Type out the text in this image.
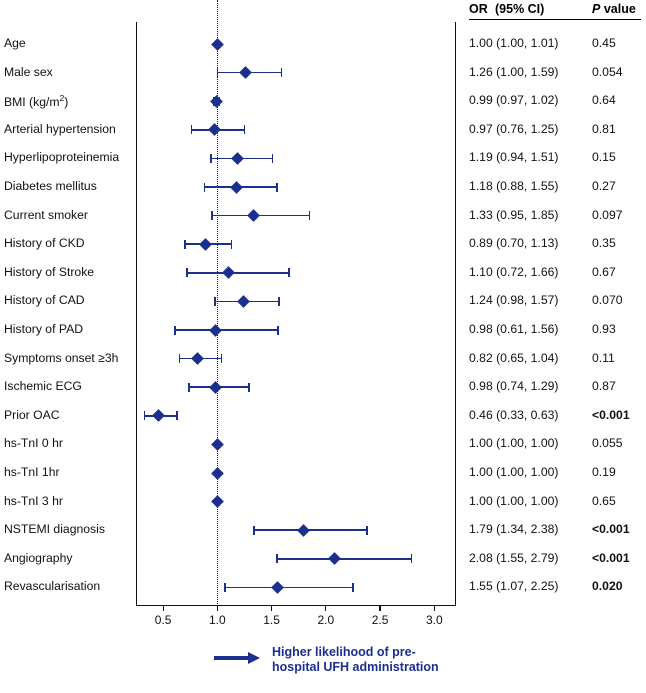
OR (95% CI)	P value
Age	1.00 (1.00, 1.01)	0.45
Male sex	1.26 (1.00, 1.59)	0.054
BMI $(kg/m^2)$	0.99 (0.97, 1.02)	0.64
Arterial hypertension	0.97 (0.76, 1.25)	0.81
Hyperlipoproteinemia	1.19 (0.94, 1.51)	0.15
Diabetes mellitus	1.18 (0.88, 1.55)	0.27
Current smoker	1.33 (0.95, 1.85)	0.097
History of CKD	0.89 (0.70, 1.13)	0.35
History of Stroke	1.10 (0.72, 1.66)	0.67
History of CAD	1.24 (0.98, 1.57)	0.070
History of PAD	0.98 (0.61, 1.56)	0.93
Symptoms onset ≥3h	0.82 (0.65, 1.04)	0.11
Ischemic ECG	0.98 (0.74, 1.29)	0.87
Prior OAC	0.46 (0.33, 0.63)	<0.001
hs-TnI 0 hr	1.00 (1.00, 1.00)	0.055
hs-TnI 1hr	1.00 (1.00, 1.00)	0.19
hs-TnI 3 hr	1.00 (1.00, 1.00)	0.65
NSTEMI diagnosis	1.79 (1.34, 2.38)	<0.001
Angiography	2.08 (1.55, 2.79)	<0.001
Revascularisation	1.55 (1.07, 2.25)	0.020
0.5	1.0	1.5	2.0	2.5	3.0
Higher likelihood of pre-
hospital UFH administration
